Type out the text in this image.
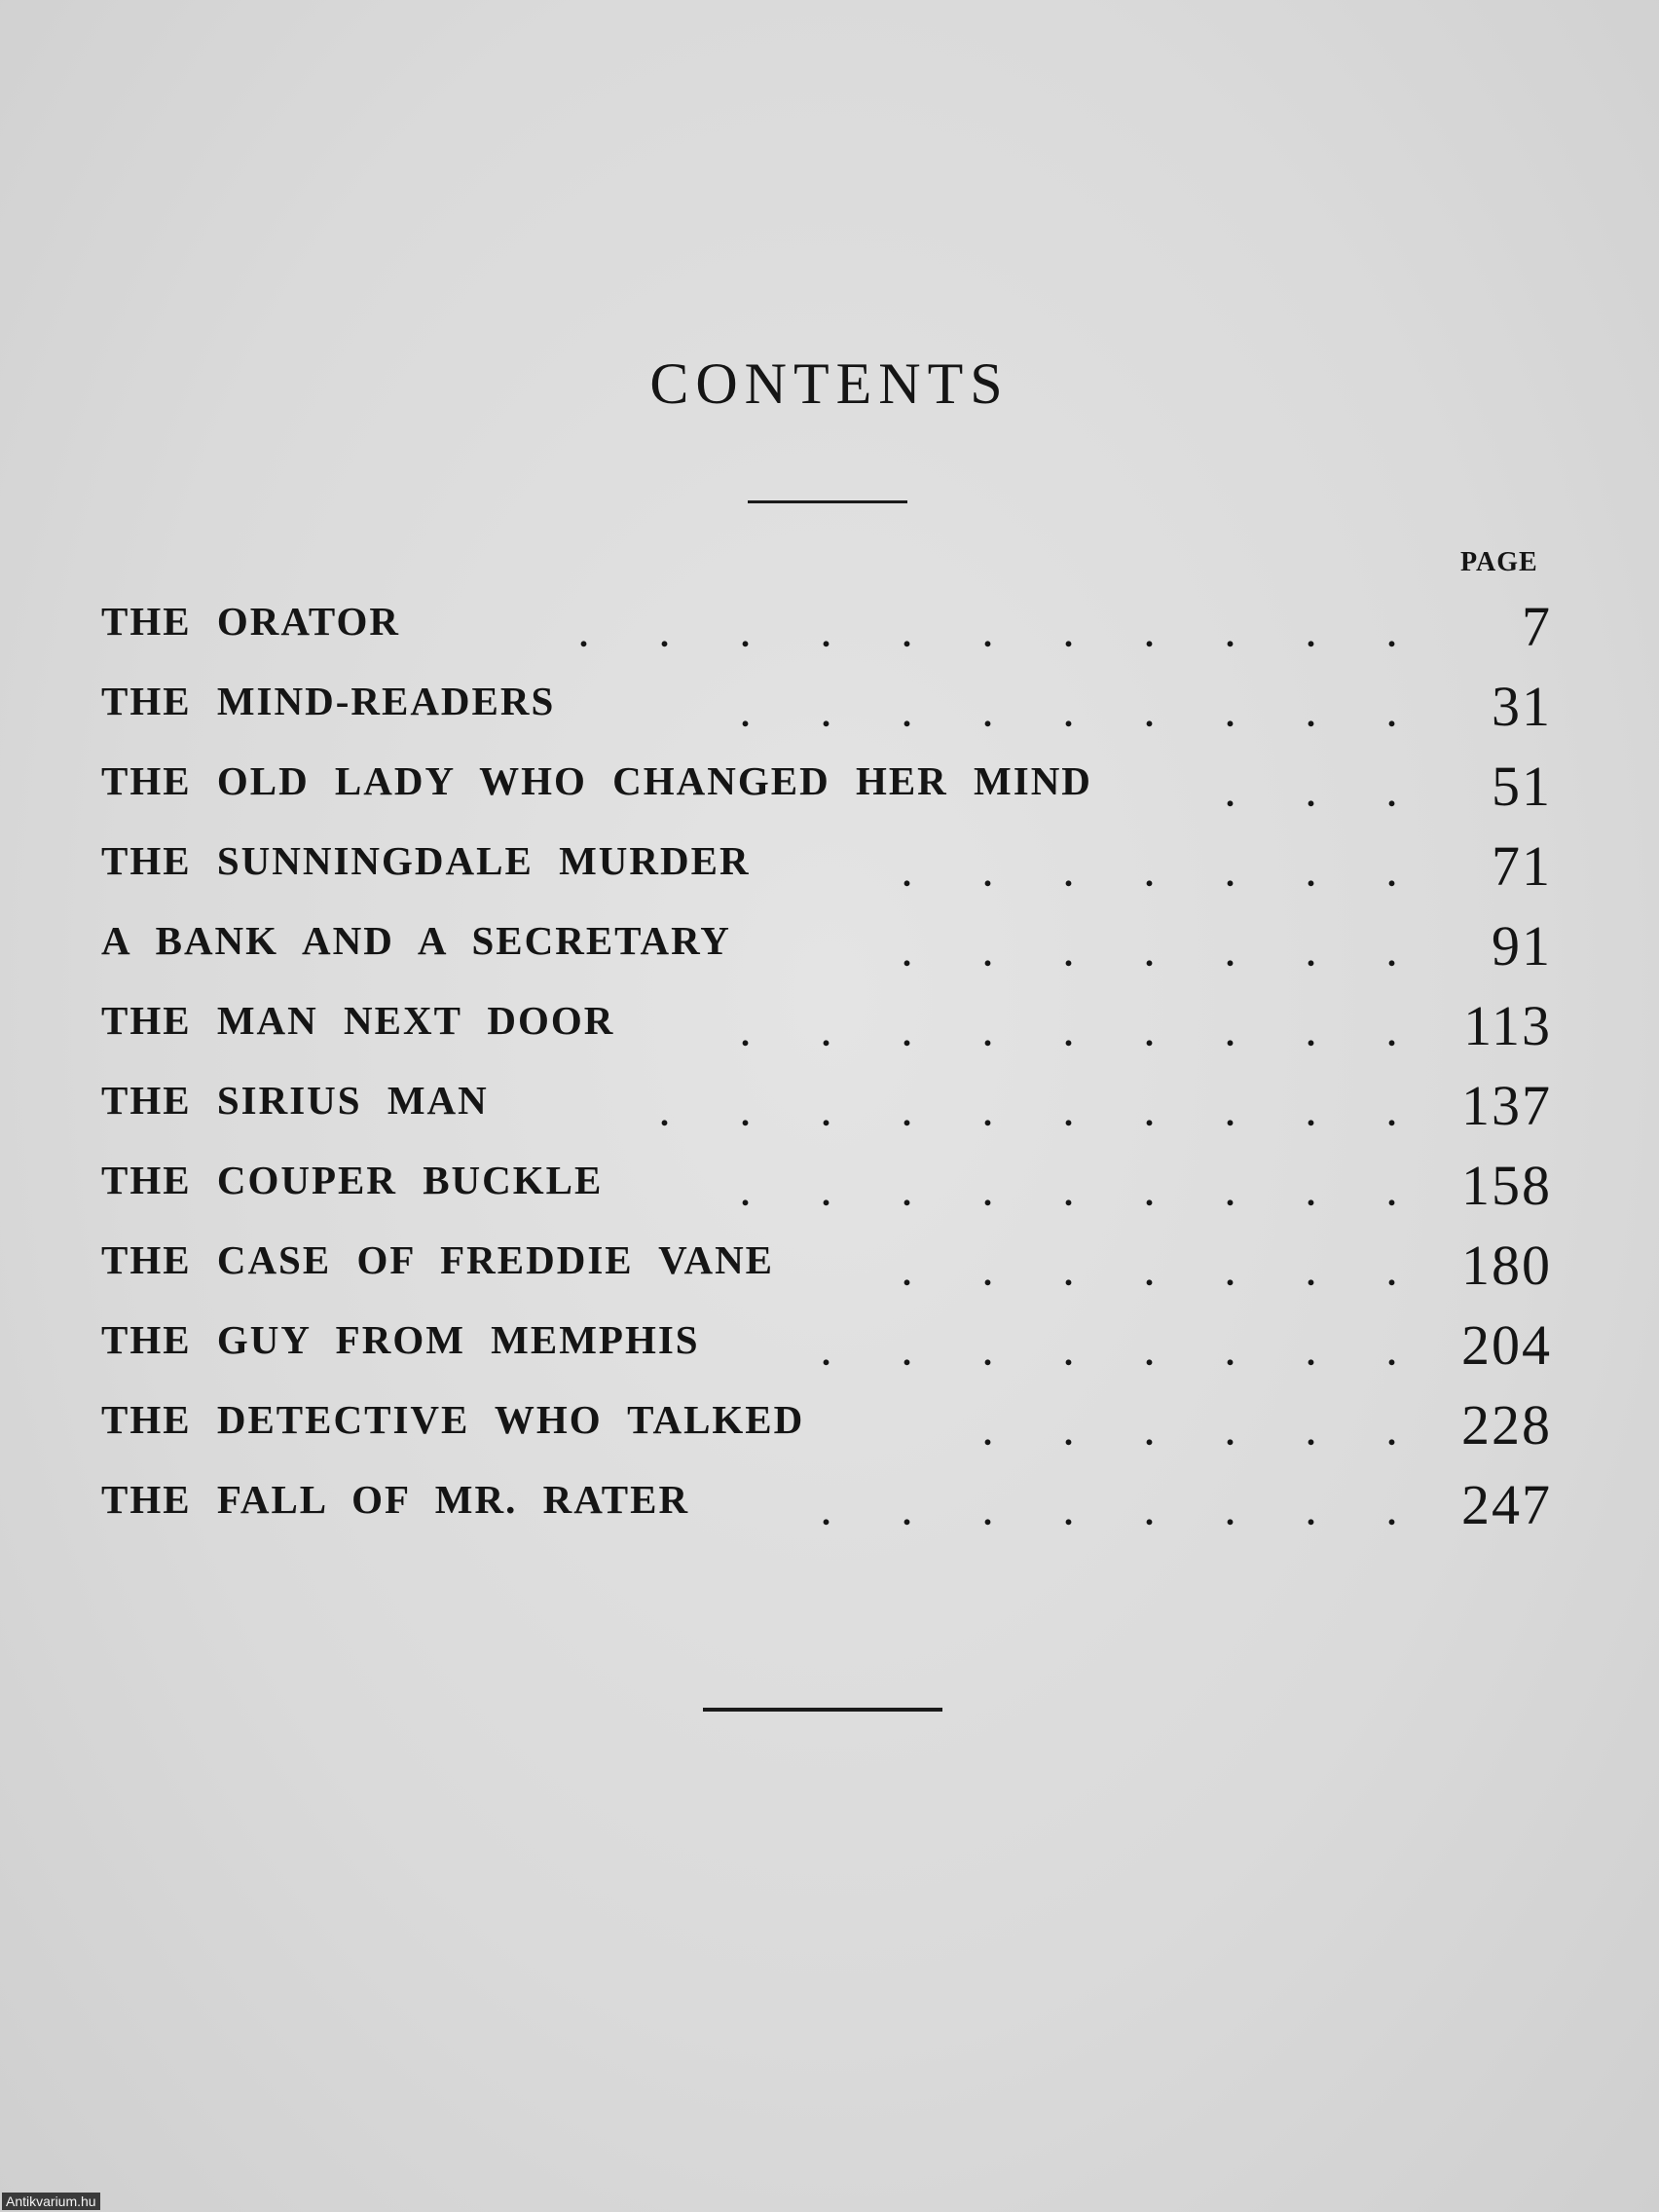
CONTENTS
PAGE
THE ORATOR	.	.	.	.	.	.	.	.	.	.	. 7
THE MIND-READERS	.	.	.	.	.	.	.	.	. 31
THE OLD LADY WHO CHANGED HER MIND	.	.	. 51
THE SUNNINGDALE MURDER	.	.	.	.	.	.	. 71
A BANK AND A SECRETARY	.	.	.	.	.	.	. 91
THE MAN NEXT DOOR	.	.	.	.	.	.	.	.	. 113
THE SIRIUS MAN	.	.	.	.	.	.	.	.	.	. 137
THE COUPER BUCKLE	.	.	.	.	.	.	.	.	. 158
THE CASE OF FREDDIE VANE	.	.	.	.	.	.	. 180
THE GUY FROM MEMPHIS	.	.	.	.	.	.	.	. 204
THE DETECTIVE WHO TALKED	.	.	.	.	.	. 228
THE FALL OF MR. RATER	.	.	.	.	.	.	.	. 247
Antikvarium.hu
